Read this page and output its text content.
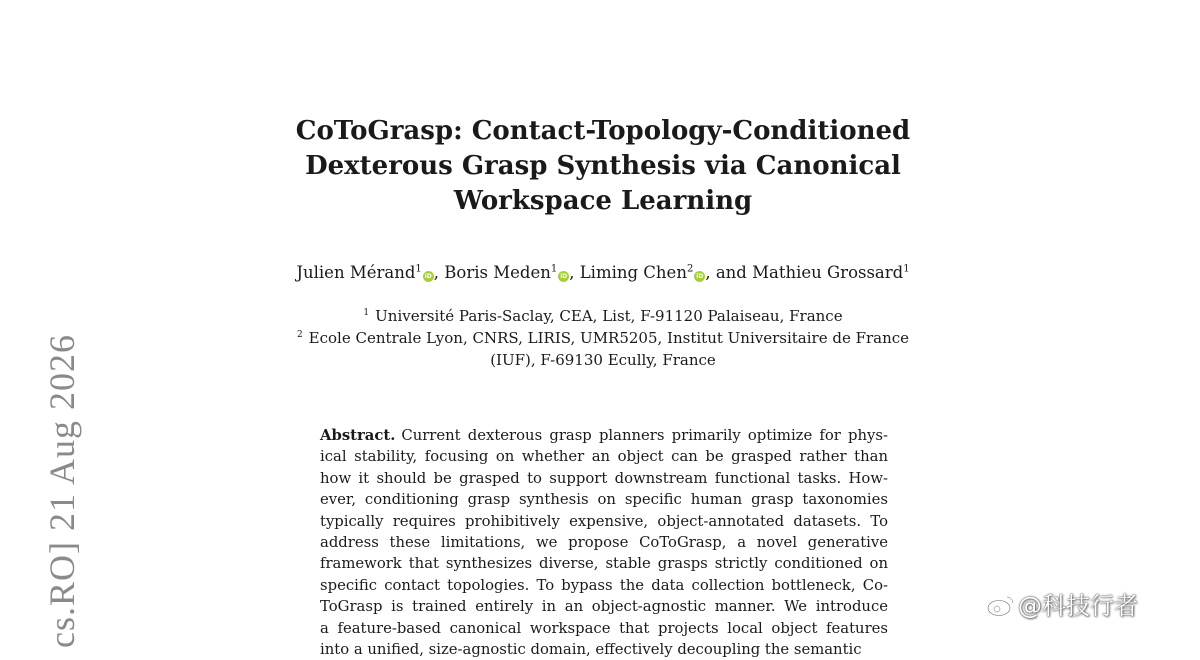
CoToGrasp: Contact-Topology-Conditioned
Dexterous Grasp Synthesis via Canonical
Workspace Learning
Julien Mérand$^1$iD , Boris Meden$^1$iD , Liming Chen$^2$iD , and Mathieu Grossard$^1$
$^1$ Université Paris-Saclay, CEA, List, F-91120 Palaiseau, France
$^2$ Ecole Centrale Lyon, CNRS, LIRIS, UMR5205, Institut Universitaire de France
(IUF), F-69130 Ecully, France
Abstract. Current dexterous grasp planners primarily optimize for phys-
ical stability, focusing on whether an object can be grasped rather than
how it should be grasped to support downstream functional tasks. How-
ever, conditioning grasp synthesis on specific human grasp taxonomies
typically requires prohibitively expensive, object-annotated datasets. To
address these limitations, we propose CoToGrasp, a novel generative
framework that synthesizes diverse, stable grasps strictly conditioned on
specific contact topologies. To bypass the data collection bottleneck, Co-
ToGrasp is trained entirely in an object-agnostic manner. We introduce
a feature-based canonical workspace that projects local object features
into a unified, size-agnostic domain, effectively decoupling the semantic
cs.RO] 21 Aug 2026	@科技行者
